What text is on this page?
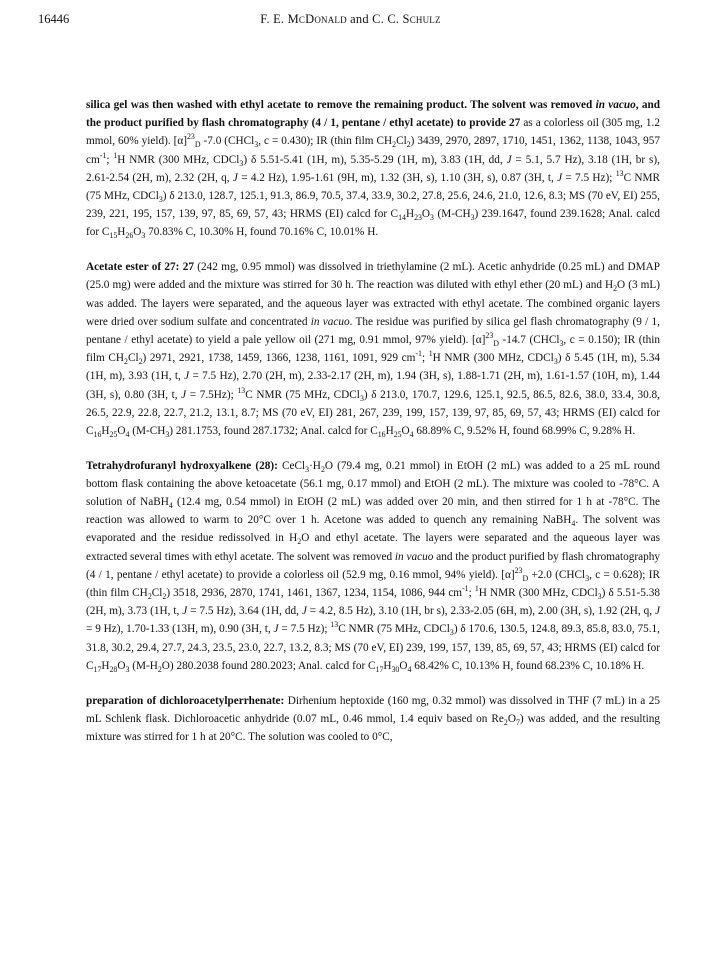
16446	F. E. McDonald and C. C. Schulz

silica gel was then washed with ethyl acetate to remove the remaining product. The solvent was removed in vacuo, and the product purified by flash chromatography (4 / 1, pentane / ethyl acetate) to provide 27 as a colorless oil (305 mg, 1.2 mmol, 60% yield). $[\alpha]^{23}_D$ -7.0 (CHCl$_3$, c = 0.430); IR (thin film $CH_2Cl_2$) 3439, 2970, 2897, 1710, 1451, 1362, 1138, 1043, 957 $cm^{-1}$; $^1$H NMR (300 MHz, CDCl$_3$) δ 5.51-5.41 (1H, m), 5.35-5.29 (1H, m), 3.83 (1H, dd, J = 5.1, 5.7 Hz), 3.18 (1H, br s), 2.61-2.54 (2H, m), 2.32 (2H, q, J = 4.2 Hz), 1.95-1.61 (9H, m), 1.32 (3H, s), 1.10 (3H, s), 0.87 (3H, t, J = 7.5 Hz); $^{13}$C NMR (75 MHz, CDCl$_3$) δ 213.0, 128.7, 125.1, 91.3, 86.9, 70.5, 37.4, 33.9, 30.2, 27.8, 25.6, 24.6, 21.0, 12.6, 8.3; MS (70 eV, EI) 255, 239, 221, 195, 157, 139, 97, 85, 69, 57, 43; HRMS (EI) calcd for $C_{14}H_{23}O_3$ $(M-CH_3)$ 239.1647, found 239.1628; Anal. calcd for $C_{15}H_{26}O_3$ 70.83% C, 10.30% H, found 70.16% C, 10.01% H.

Acetate ester of 27: 27 (242 mg, 0.95 mmol) was dissolved in triethylamine (2 mL). Acetic anhydride (0.25 mL) and DMAP (25.0 mg) were added and the mixture was stirred for 30 h. The reaction was diluted with ethyl ether (20 mL) and $H_2O$ (3 mL) was added. The layers were separated, and the aqueous layer was extracted with ethyl acetate. The combined organic layers were dried over sodium sulfate and concentrated in vacuo. The residue was purified by silica gel flash chromatography (9 / 1, pentane / ethyl acetate) to yield a pale yellow oil (271 mg, 0.91 mmol, 97% yield). $[\alpha]^{23}_D$ -14.7 (CHCl$_3$, c = 0.150); IR (thin film $CH_2Cl_2$) 2971, 2921, 1738, 1459, 1366, 1238, 1161, 1091, 929 $cm^{-1}$; $^1$H NMR (300 MHz, CDCl$_3$) δ 5.45 (1H, m), 5.34 (1H, m), 3.93 (1H, t, J = 7.5 Hz), 2.70 (2H, m), 2.33-2.17 (2H, m), 1.94 (3H, s), 1.88-1.71 (2H, m), 1.61-1.57 (10H, m), 1.44 (3H, s), 0.80 (3H, t, J = 7.5Hz); $^{13}$C NMR (75 MHz, CDCl$_3$) δ 213.0, 170.7, 129.6, 125.1, 92.5, 86.5, 82.6, 38.0, 33.4, 30.8, 26.5, 22.9, 22.8, 22.7, 21.2, 13.1, 8.7; MS (70 eV, EI) 281, 267, 239, 199, 157, 139, 97, 85, 69, 57, 43; HRMS (EI) calcd for $C_{16}H_{25}O_4$ $(M-CH_3)$ 281.1753, found 287.1732; Anal. calcd for $C_{16}H_{25}O_4$ 68.89% C, 9.52% H, found 68.99% C, 9.28% H.

Tetrahydrofuranyl hydroxyalkene (28): $CeCl_3\cdot H_2O$ (79.4 mg, 0.21 mmol) in EtOH (2 mL) was added to a 25 mL round bottom flask containing the above ketoacetate (56.1 mg, 0.17 mmol) and EtOH (2 mL). The mixture was cooled to -78°C. A solution of NaBH$_4$ (12.4 mg, 0.54 mmol) in EtOH (2 mL) was added over 20 min, and then stirred for 1 h at -78°C. The reaction was allowed to warm to 20°C over 1 h. Acetone was added to quench any remaining NaBH$_4$. The solvent was evaporated and the residue redissolved in $H_2O$ and ethyl acetate. The layers were separated and the aqueous layer was extracted several times with ethyl acetate. The solvent was removed in vacuo and the product purified by flash chromatography (4 / 1, pentane / ethyl acetate) to provide a colorless oil (52.9 mg, 0.16 mmol, 94% yield). $[\alpha]^{23}_D +2.0$ (CHCl$_3$, c = 0.628); IR (thin film $CH_2Cl_2$) 3518, 2936, 2870, 1741, 1461, 1367, 1234, 1154, 1086, 944 $cm^{-1}$; $^1$H NMR (300 MHz, CDCl$_3$) δ 5.51-5.38 (2H, m), 3.73 (1H, t, J = 7.5 Hz), 3.64 (1H, dd, J = 4.2, 8.5 Hz), 3.10 (1H, br s), 2.33-2.05 (6H, m), 2.00 (3H, s), 1.92 (2H, q, J = 9 Hz), 1.70-1.33 (13H, m), 0.90 (3H, t, J = 7.5 Hz); $^{13}$C NMR (75 MHz, CDCl$_3$) δ 170.6, 130.5, 124.8, 89.3, 85.8, 83.0, 75.1, 31.8, 30.2, 29.4, 27.7, 24.3, 23.5, 23.0, 22.7, 13.2, 8.3; MS (70 eV, EI) 239, 199, 157, 139, 85, 69, 57, 43; HRMS (EI) calcd for $C_{17}H_{28}O_3$ $(M-H_2O)$ 280.2038 found 280.2023; Anal. calcd for $C_{17}H_{30}O_4$ 68.42% C, 10.13% H, found 68.23% C, 10.18% H.

preparation of dichloroacetylperrhenate: Dirhenium heptoxide (160 mg, 0.32 mmol) was dissolved in THF (7 mL) in a 25 mL Schlenk flask. Dichloroacetic anhydride (0.07 mL, 0.46 mmol, 1.4 equiv based on $Re_2O_7$) was added, and the resulting mixture was stirred for 1 h at 20°C. The solution was cooled to 0°C,
